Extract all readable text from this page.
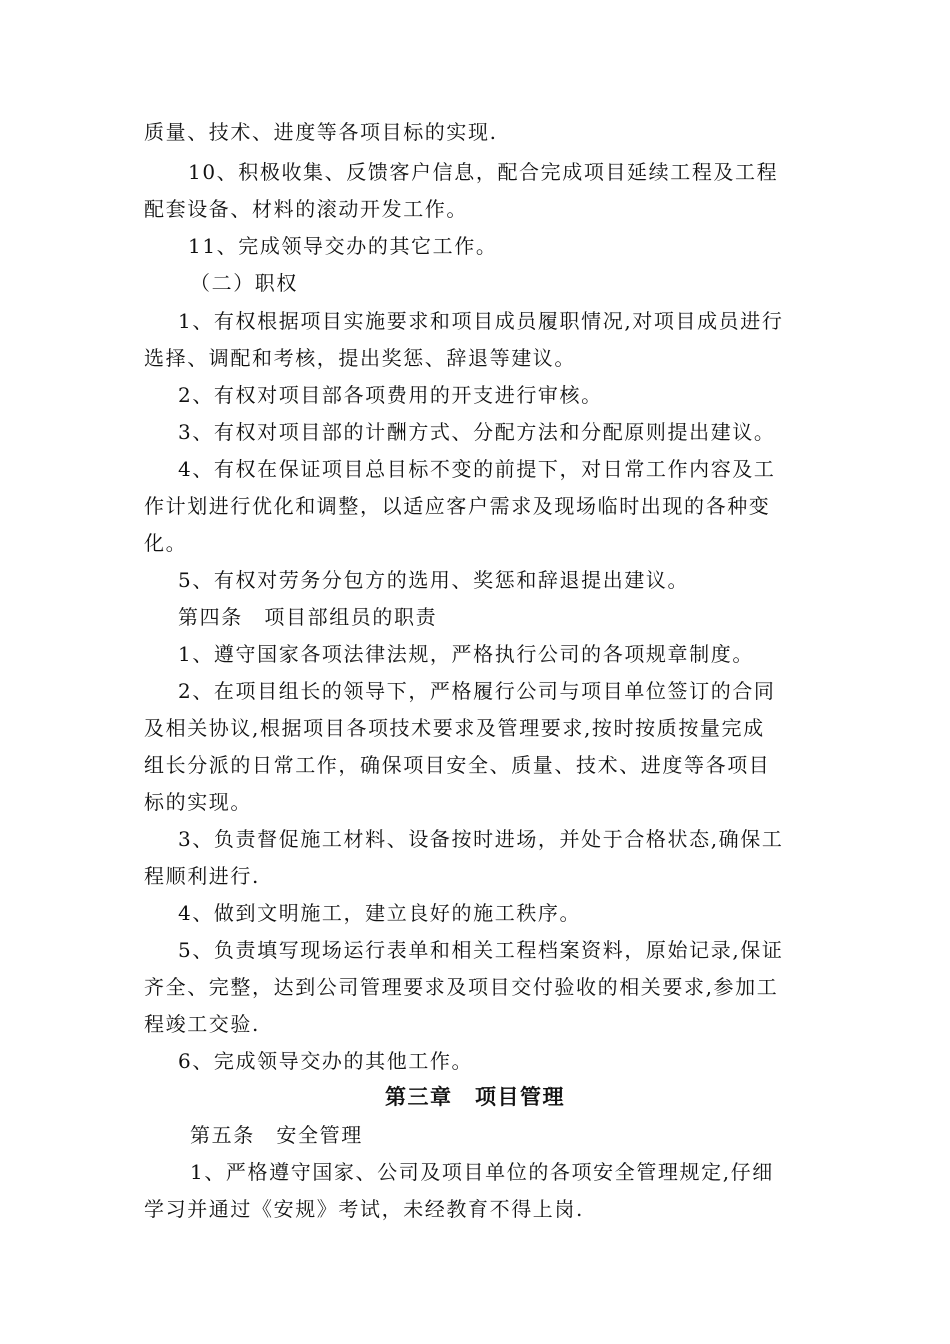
质量、技术、进度等各项目标的实现.
10、积极收集、反馈客户信息，配合完成项目延续工程及工程
配套设备、材料的滚动开发工作。
11、完成领导交办的其它工作。
（二）职权
1、有权根据项目实施要求和项目成员履职情况,对项目成员进行
选择、调配和考核，提出奖惩、辞退等建议。
2、有权对项目部各项费用的开支进行审核。
3、有权对项目部的计酬方式、分配方法和分配原则提出建议。
4、有权在保证项目总目标不变的前提下，对日常工作内容及工
作计划进行优化和调整，以适应客户需求及现场临时出现的各种变
化。
5、有权对劳务分包方的选用、奖惩和辞退提出建议。
第四条　项目部组员的职责
1、遵守国家各项法律法规，严格执行公司的各项规章制度。
2、在项目组长的领导下，严格履行公司与项目单位签订的合同
及相关协议,根据项目各项技术要求及管理要求,按时按质按量完成
组长分派的日常工作，确保项目安全、质量、技术、进度等各项目
标的实现。
3、负责督促施工材料、设备按时进场，并处于合格状态,确保工
程顺利进行.
4、做到文明施工，建立良好的施工秩序。
5、负责填写现场运行表单和相关工程档案资料，原始记录,保证
齐全、完整，达到公司管理要求及项目交付验收的相关要求,参加工
程竣工交验.
6、完成领导交办的其他工作。
第三章　项目管理
第五条　安全管理
1、严格遵守国家、公司及项目单位的各项安全管理规定,仔细
学习并通过《安规》考试，未经教育不得上岗.
